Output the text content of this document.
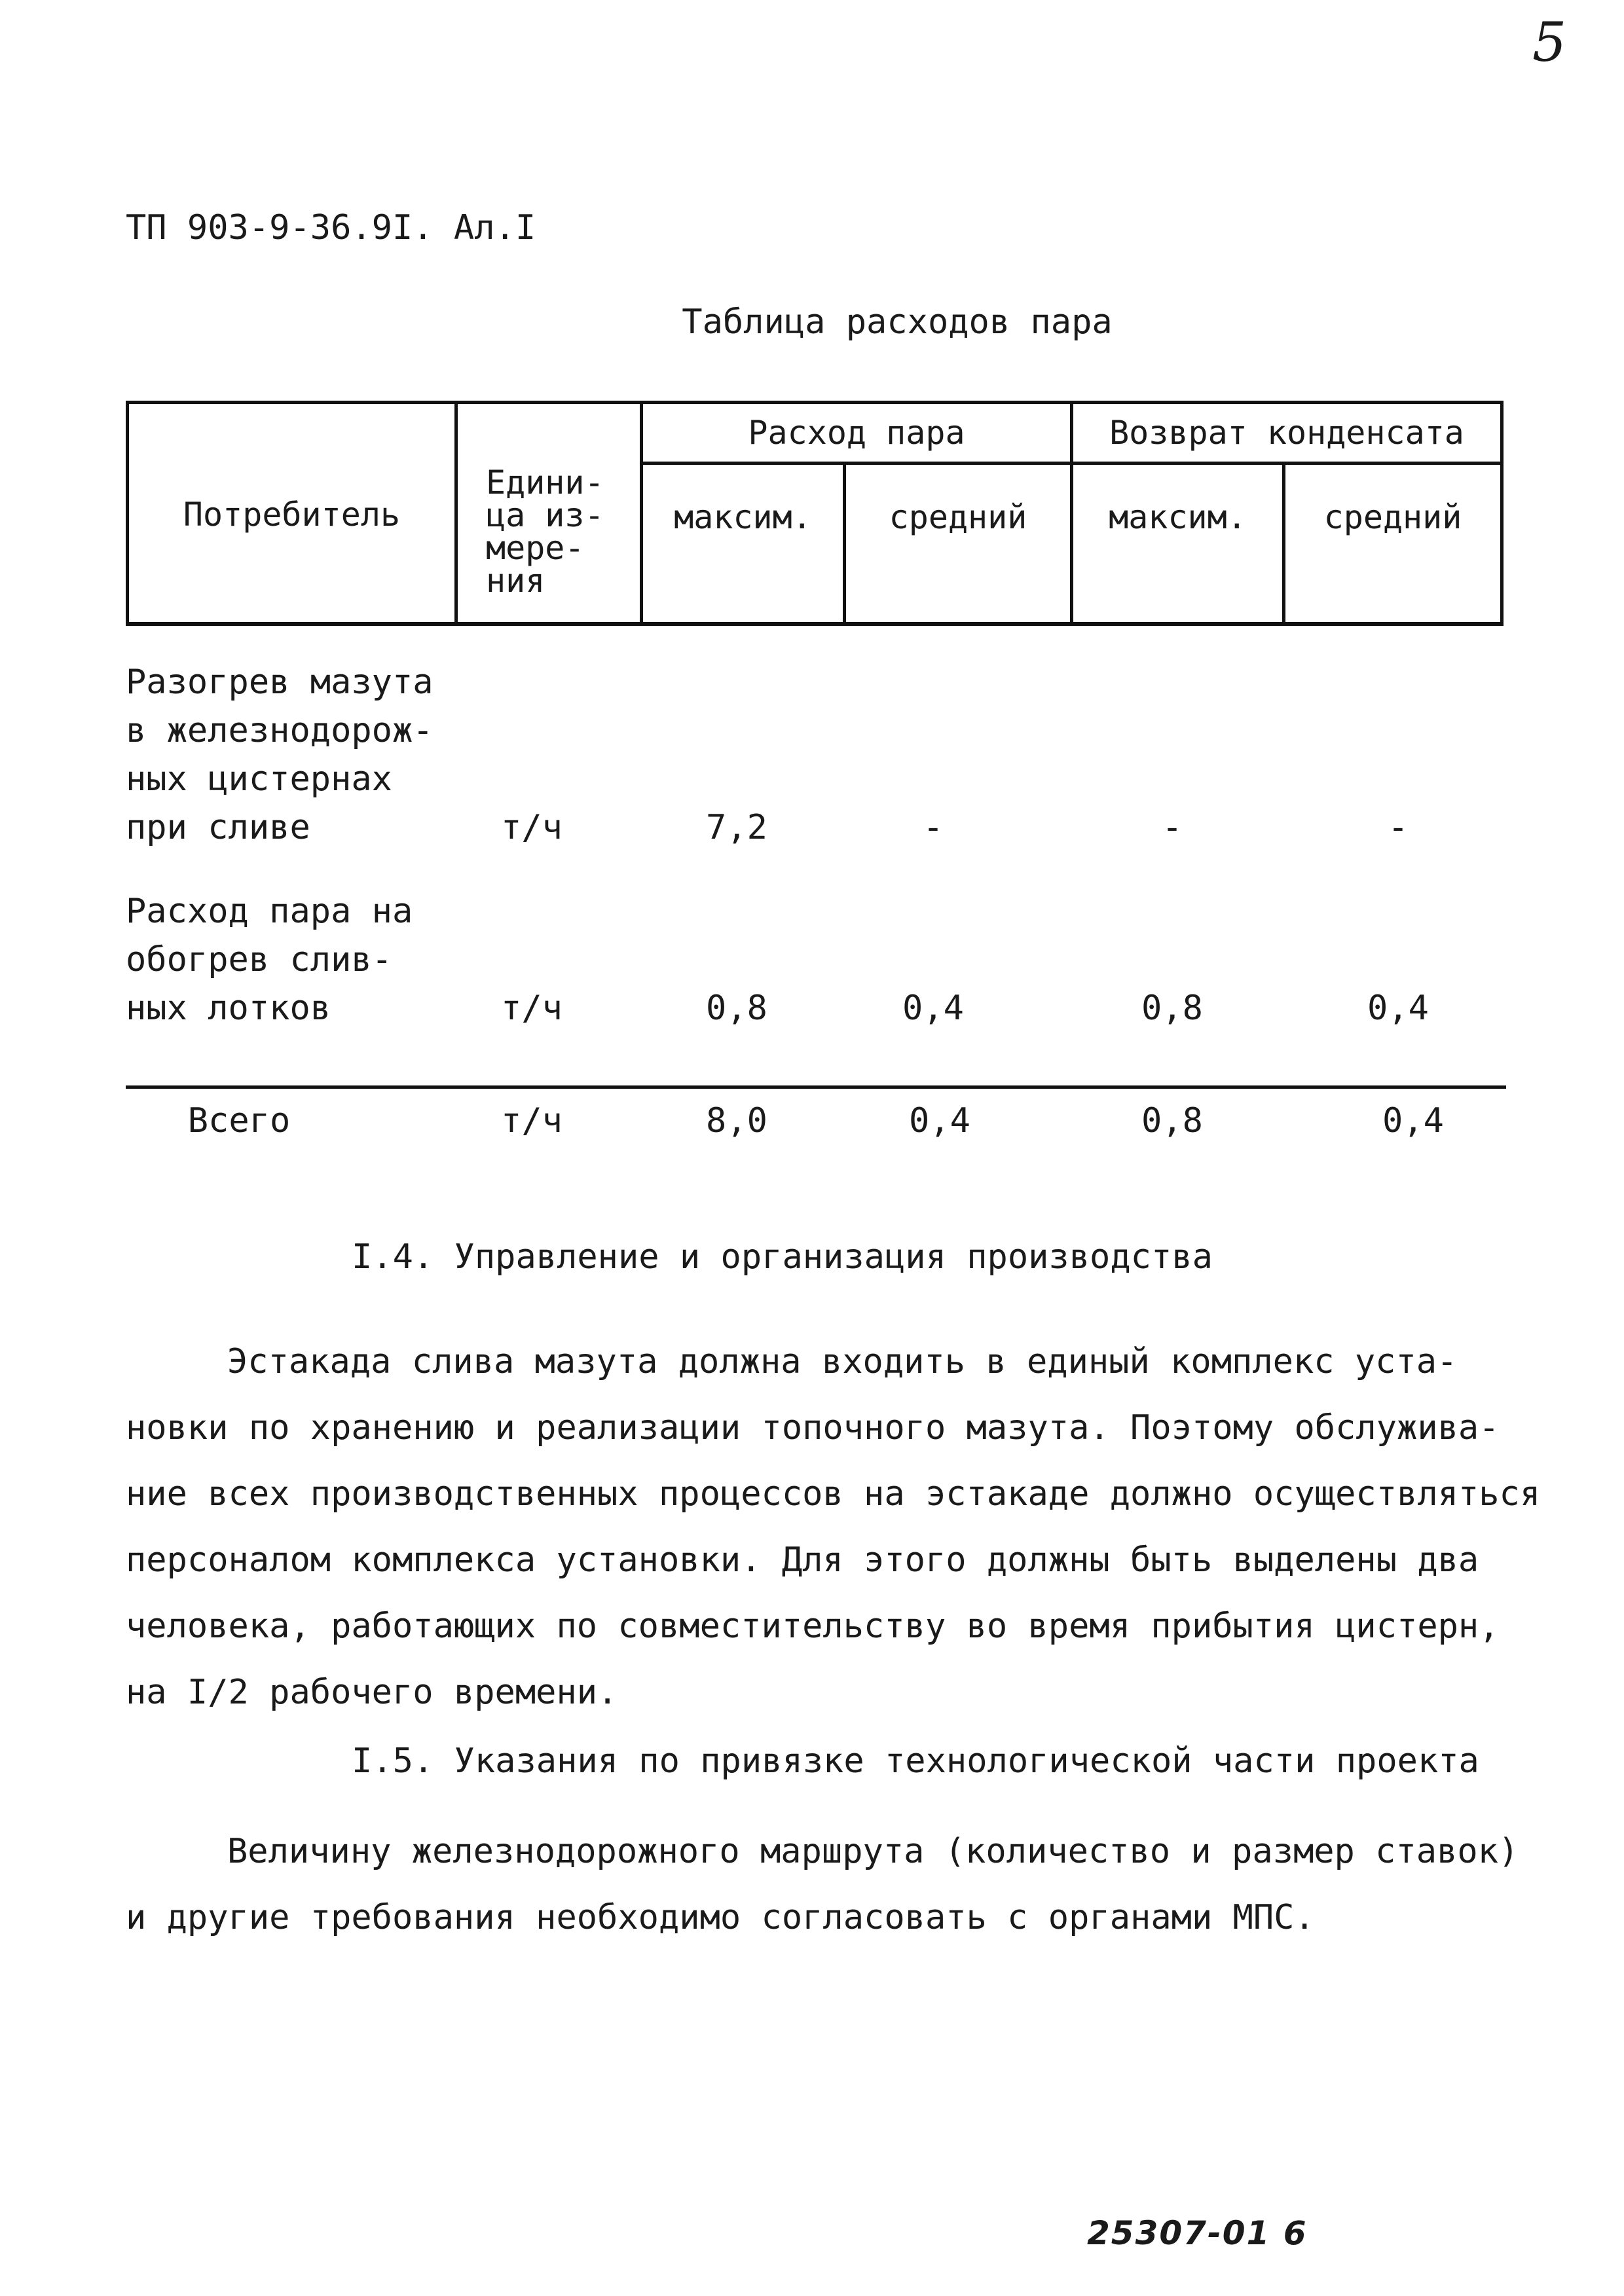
5
ТП 903-9-36.9I. Ал.I
Таблица расходов пара
Потребитель
Едини-
ца из-
мере-
ния
Расход пара	Возврат конденсата
максим.	средний	максим.	средний
Разогрев мазута
в железнодорож-
ных цистернах
при сливе	т/ч	7,2	-	-	-
Расход пара на
обогрев слив-
ных лотков	т/ч	0,8	0,4	0,8	0,4
Всего	т/ч	8,0	0,4	0,8	0,4
I.4. Управление и организация производства
Эстакада слива мазута должна входить в единый комплекс уста-
новки по хранению и реализации топочного мазута. Поэтому обслужива-
ние всех производственных процессов на эстакаде должно осуществляться
персоналом комплекса установки. Для этого должны быть выделены два
человека, работающих по совместительству во время прибытия цистерн,
на I/2 рабочего времени.
I.5. Указания по привязке технологической части проекта
Величину железнодорожного маршрута (количество и размер ставок)
и другие требования необходимо согласовать с органами МПС.
25307-01 6
